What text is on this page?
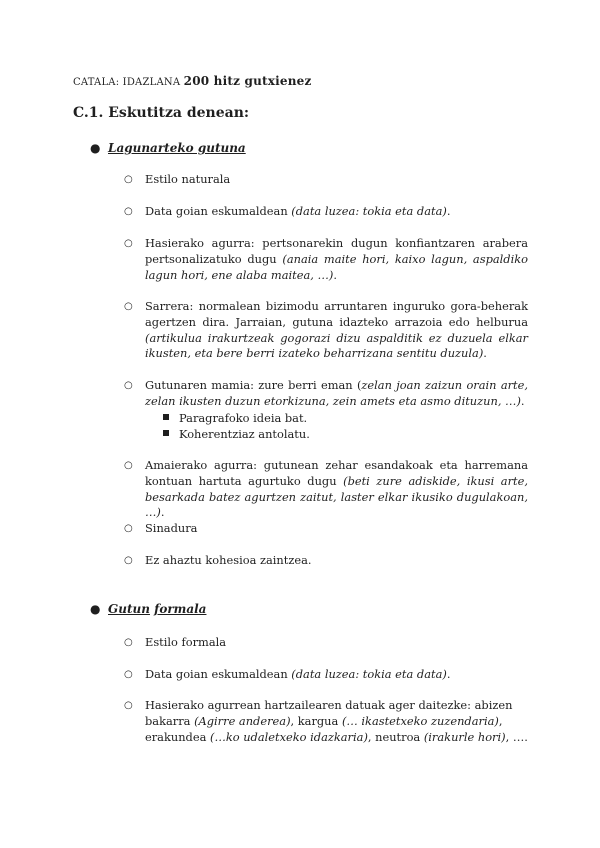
CATALA: IDAZLANA 200 hitz gutxienez
C.1. Eskutitza denean:
● Lagunarteko gutuna
○ Estilo naturala
○ Data goian eskumaldean (data luzea: tokia eta data).
○ Hasierako agurra: pertsonarekin dugun konfiantzaren arabera pertsonalizatuko dugu (anaia maite hori, kaixo lagun, aspaldiko lagun hori, ene alaba maitea, …).
○ Sarrera: normalean bizimodu arruntaren inguruko gora-beherak agertzen dira. Jarraian, gutuna idazteko arrazoia edo helburua (artikulua irakurtzeak gogorazi dizu aspalditik ez duzuela elkar ikusten, eta bere berri izateko beharrizana sentitu duzula).
○ Gutunaren mamia: zure berri eman (zelan joan zaizun orain arte, zelan ikusten duzun etorkizuna, zein amets eta asmo dituzun, …).
Paragrafoko ideia bat.
Koherentziaz antolatu.
○ Amaierako agurra: gutunean zehar esandakoak eta harremana kontuan hartuta agurtuko dugu (beti zure adiskide, ikusi arte, besarkada batez agurtzen zaitut, laster elkar ikusiko dugulakoan, …).
○ Sinadura
○ Ez ahaztu kohesioa zaintzea.
● Gutun formala
○ Estilo formala
○ Data goian eskumaldean (data luzea: tokia eta data).
○ Hasierako agurrean hartzailearen datuak ager daitezke: abizen bakarra (Agirre anderea), kargua (… ikastetxeko zuzendaria), erakundea (…ko udaletxeko idazkaria), neutroa (irakurle hori), ….
